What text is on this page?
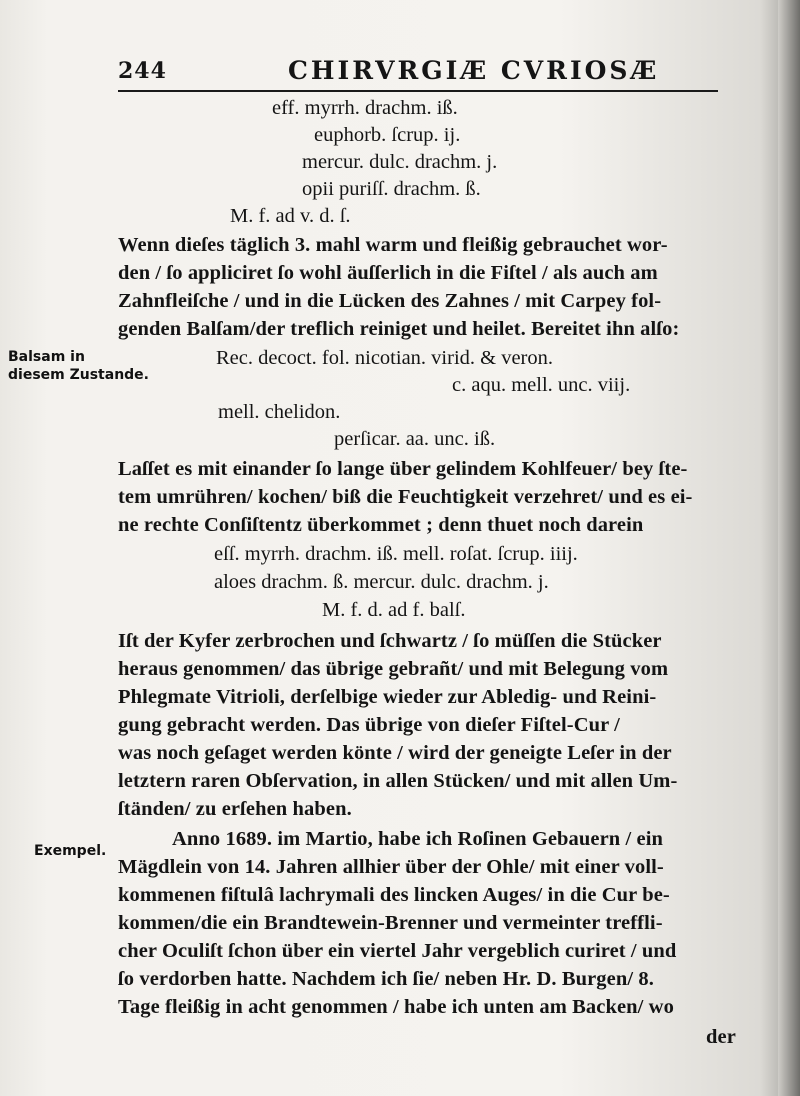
244	CHIRVRGIÆ CVRIOSÆ
Balsam in
diesem Zustande.
Exempel.
eff. myrrh. drachm. iß.
euphorb. ſcrup. ij.
mercur. dulc. drachm. j.
opii puriſſ. drachm. ß.
M. f. ad v. d. ſ.
Wenn dieſes täglich 3. mahl warm und fleißig gebrauchet wor-
den / ſo appliciret ſo wohl äuſſerlich in die Fiſtel / als auch am
Zahnfleiſche / und in die Lücken des Zahnes / mit Carpey fol-
genden Balſam/der treflich reiniget und heilet. Bereitet ihn alſo:
Rec. decoct. fol. nicotian. virid. & veron.
c. aqu. mell. unc. viij.
mell. chelidon.
perſicar. aa. unc. iß.
Laſſet es mit einander ſo lange über gelindem Kohlfeuer/ bey ſte-
tem umrühren/ kochen/ biß die Feuchtigkeit verzehret/ und es ei-
ne rechte Conſiſtentz überkommet ; denn thuet noch darein
eſſ. myrrh. drachm. iß. mell. roſat. ſcrup. iiij.
aloes drachm. ß. mercur. dulc. drachm. j.
M. f. d. ad f. balſ.
Iſt der Kyfer zerbrochen und ſchwartz / ſo müſſen die Stücker
heraus genommen/ das übrige gebrañt/ und mit Belegung vom
Phlegmate Vitrioli, derſelbige wieder zur Abledig- und Reini-
gung gebracht werden. Das übrige von dieſer Fiſtel-Cur /
was noch geſaget werden könte / wird der geneigte Leſer in der
letztern raren Obſervation, in allen Stücken/ und mit allen Um-
ſtänden/ zu erſehen haben.
Anno 1689. im Martio, habe ich Roſinen Gebauern / ein
Mägdlein von 14. Jahren allhier über der Ohle/ mit einer voll-
kommenen fiſtulâ lachrymali des lincken Auges/ in die Cur be-
kommen/die ein Brandtewein-Brenner und vermeinter treffli-
cher Oculiſt ſchon über ein viertel Jahr vergeblich curiret / und
ſo verdorben hatte. Nachdem ich ſie/ neben Hr. D. Burgen/ 8.
Tage fleißig in acht genommen / habe ich unten am Backen/ wo
der
